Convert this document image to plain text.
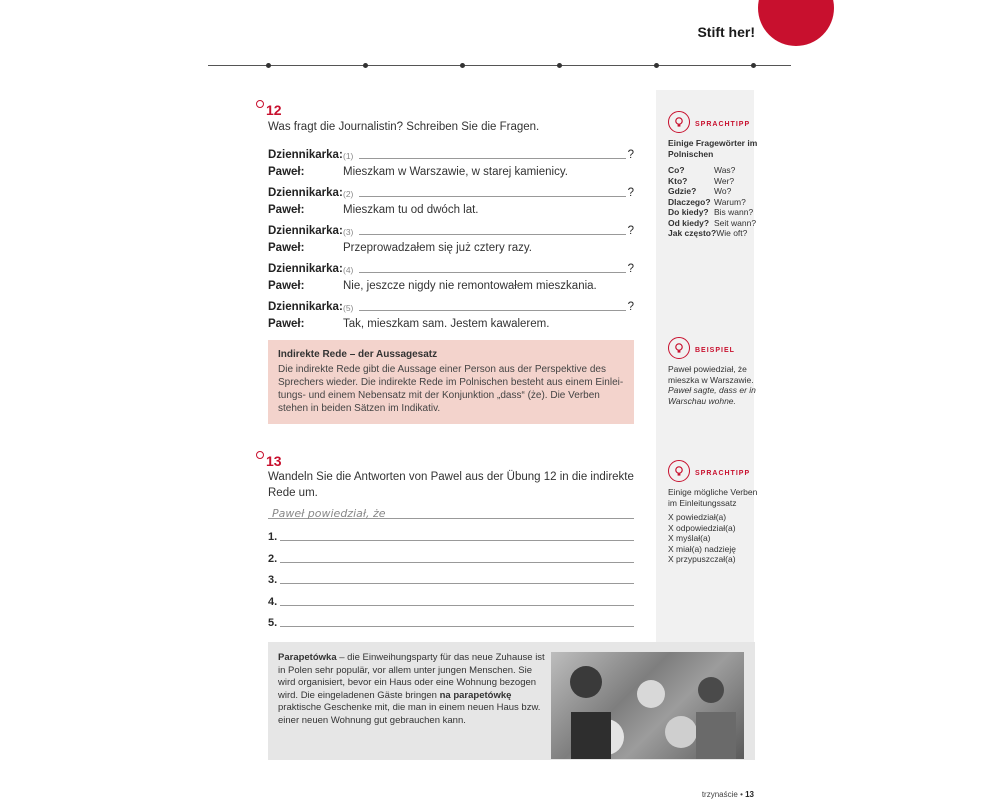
Stift her!
12
Was fragt die Journalistin? Schreiben Sie die Fragen.
Dziennikarka: (1)	?
Paweł:	Mieszkam w Warszawie, w starej kamienicy.
Dziennikarka: (2)	?
Paweł:	Mieszkam tu od dwóch lat.
Dziennikarka: (3)	?
Paweł:	Przeprowadzałem się już cztery razy.
Dziennikarka: (4)	?
Paweł:	Nie, jeszcze nigdy nie remontowałem mieszkania.
Dziennikarka: (5)	?
Paweł:	Tak, mieszkam sam. Jestem kawalerem.
Indirekte Rede – der Aussagesatz
Die indirekte Rede gibt die Aussage einer Person aus der Perspektive des Sprechers wieder. Die indirekte Rede im Polnischen besteht aus einem Einleitungs- und einem Nebensatz mit der Konjunktion „dass“ (że). Die Verben stehen in beiden Sätzen im Indikativ.
SPRACHTIPP
Einige Fragewörter im Polnischen
Co?	Was?
Kto?	Wer?
Gdzie? Wo?
Dlaczego? Warum?
Do kiedy? Bis wann?
Od kiedy? Seit wann?
Jak często?Wie oft?
BEISPIEL
Paweł powiedział, że mieszka w Warszawie.
Paweł sagte, dass er in Warschau wohne.
13
Wandeln Sie die Antworten von Pawel aus der Übung 12 in die indirekte Rede um.
Paweł powiedział, że
1.
2.
3.
4.
5.
SPRACHTIPP
Einige mögliche Verben im Einleitungssatz
X powiedział(a)
X odpowiedział(a)
X myślał(a)
X miał(a) nadzieję
X przypuszczał(a)
Parapetówka – die Einweihungsparty für das neue Zuhause ist in Polen sehr populär, vor allem unter jungen Menschen. Sie wird organisiert, bevor ein Haus oder eine Wohnung bezogen wird. Die eingeladenen Gäste bringen na parapetówkę praktische Geschenke mit, die man in einem neuen Haus bzw. einer neuen Wohnung gut gebrauchen kann.
trzynaście • 13
